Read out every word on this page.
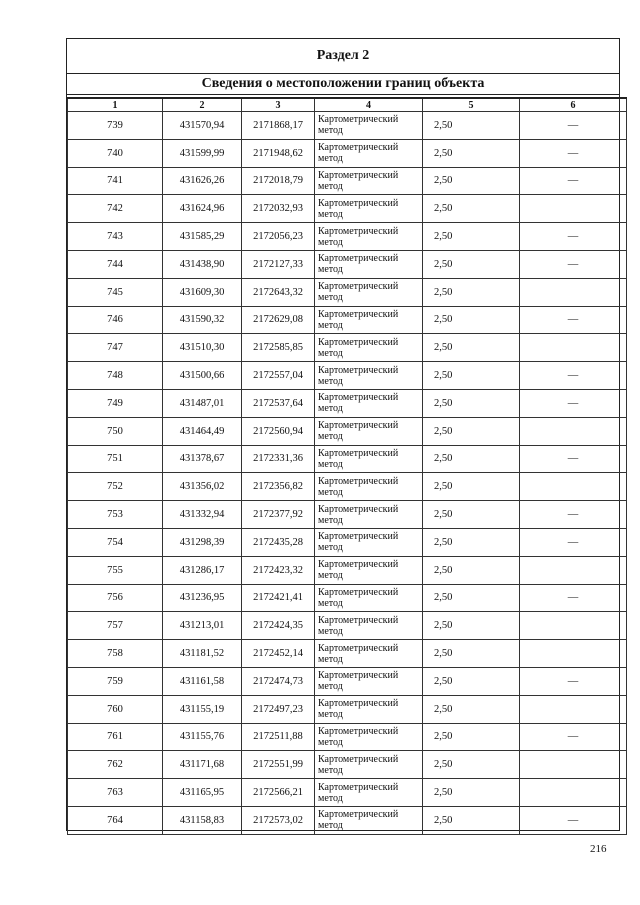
Раздел 2
Сведения о местоположении границ объекта
1	2	3	4	5	6
739	431570,94	2171868,17	Картометрический метод	2,50	—
740	431599,99	2171948,62	Картометрический метод	2,50	—
741	431626,26	2172018,79	Картометрический метод	2,50	—
742	431624,96	2172032,93	Картометрический метод	2,50	
743	431585,29	2172056,23	Картометрический метод	2,50	—
744	431438,90	2172127,33	Картометрический метод	2,50	—
745	431609,30	2172643,32	Картометрический метод	2,50	
746	431590,32	2172629,08	Картометрический метод	2,50	—
747	431510,30	2172585,85	Картометрический метод	2,50	
748	431500,66	2172557,04	Картометрический метод	2,50	—
749	431487,01	2172537,64	Картометрический метод	2,50	—
750	431464,49	2172560,94	Картометрический метод	2,50	
751	431378,67	2172331,36	Картометрический метод	2,50	—
752	431356,02	2172356,82	Картометрический метод	2,50	
753	431332,94	2172377,92	Картометрический метод	2,50	—
754	431298,39	2172435,28	Картометрический метод	2,50	—
755	431286,17	2172423,32	Картометрический метод	2,50	
756	431236,95	2172421,41	Картометрический метод	2,50	—
757	431213,01	2172424,35	Картометрический метод	2,50	
758	431181,52	2172452,14	Картометрический метод	2,50	
759	431161,58	2172474,73	Картометрический метод	2,50	—
760	431155,19	2172497,23	Картометрический метод	2,50	
761	431155,76	2172511,88	Картометрический метод	2,50	—
762	431171,68	2172551,99	Картометрический метод	2,50	
763	431165,95	2172566,21	Картометрический метод	2,50	
764	431158,83	2172573,02	Картометрический метод	2,50	—
216
